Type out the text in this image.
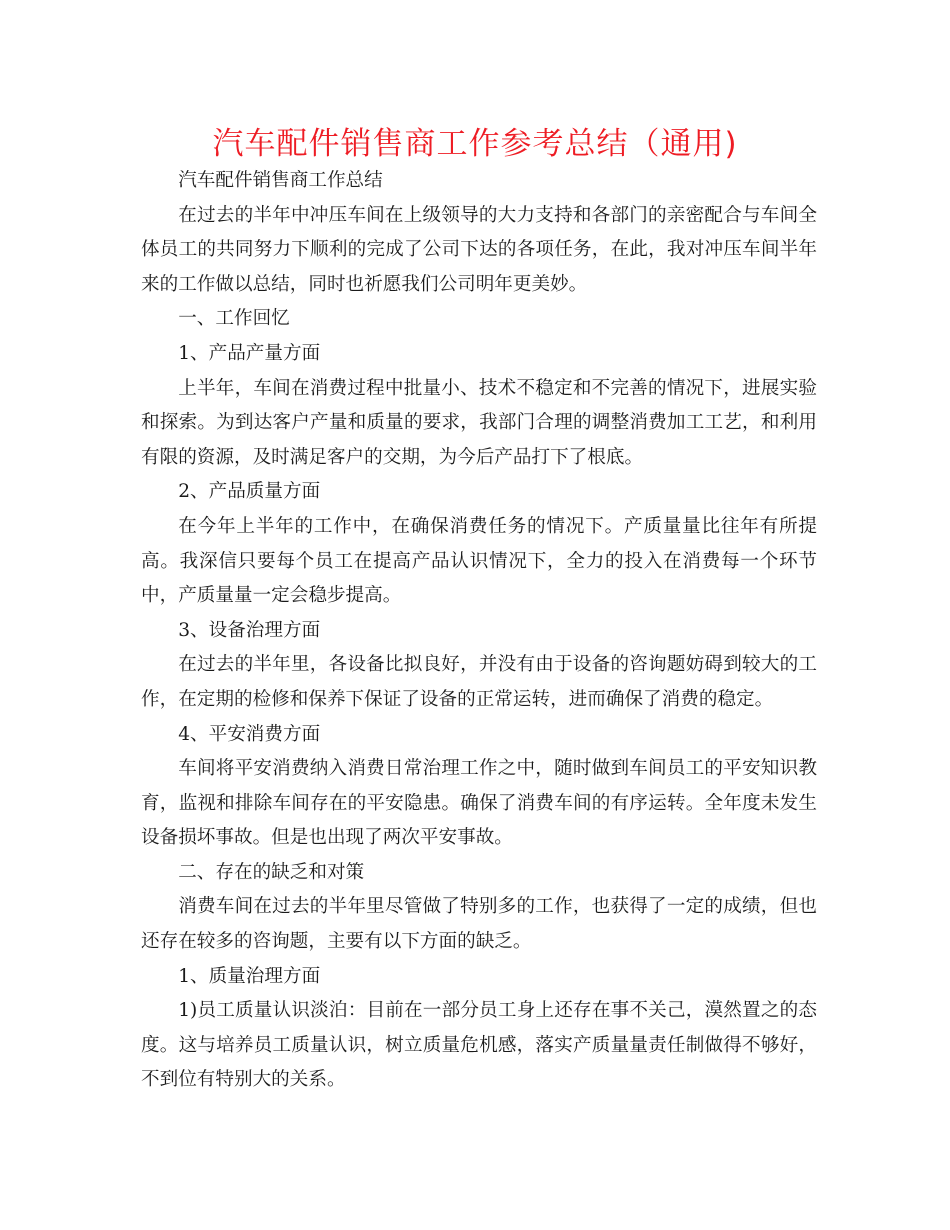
汽车配件销售商工作参考总结（通用)

汽车配件销售商工作总结

在过去的半年中冲压车间在上级领导的大力支持和各部门的亲密配合与车间全体员工的共同努力下顺利的完成了公司下达的各项任务，在此，我对冲压车间半年来的工作做以总结，同时也祈愿我们公司明年更美妙。

一、工作回忆

1、产品产量方面

上半年，车间在消费过程中批量小、技术不稳定和不完善的情况下，进展实验和探索。为到达客户产量和质量的要求，我部门合理的调整消费加工工艺，和利用有限的资源，及时满足客户的交期，为今后产品打下了根底。

2、产品质量方面

在今年上半年的工作中，在确保消费任务的情况下。产质量量比往年有所提高。我深信只要每个员工在提高产品认识情况下，全力的投入在消费每一个环节中，产质量量一定会稳步提高。

3、设备治理方面

在过去的半年里，各设备比拟良好，并没有由于设备的咨询题妨碍到较大的工作，在定期的检修和保养下保证了设备的正常运转，进而确保了消费的稳定。

4、平安消费方面

车间将平安消费纳入消费日常治理工作之中，随时做到车间员工的平安知识教育，监视和排除车间存在的平安隐患。确保了消费车间的有序运转。全年度未发生设备损坏事故。但是也出现了两次平安事故。

二、存在的缺乏和对策

消费车间在过去的半年里尽管做了特别多的工作，也获得了一定的成绩，但也还存在较多的咨询题，主要有以下方面的缺乏。

1、质量治理方面

1)员工质量认识淡泊：目前在一部分员工身上还存在事不关己，漠然置之的态度。这与培养员工质量认识，树立质量危机感，落实产质量量责任制做得不够好，不到位有特别大的关系。
